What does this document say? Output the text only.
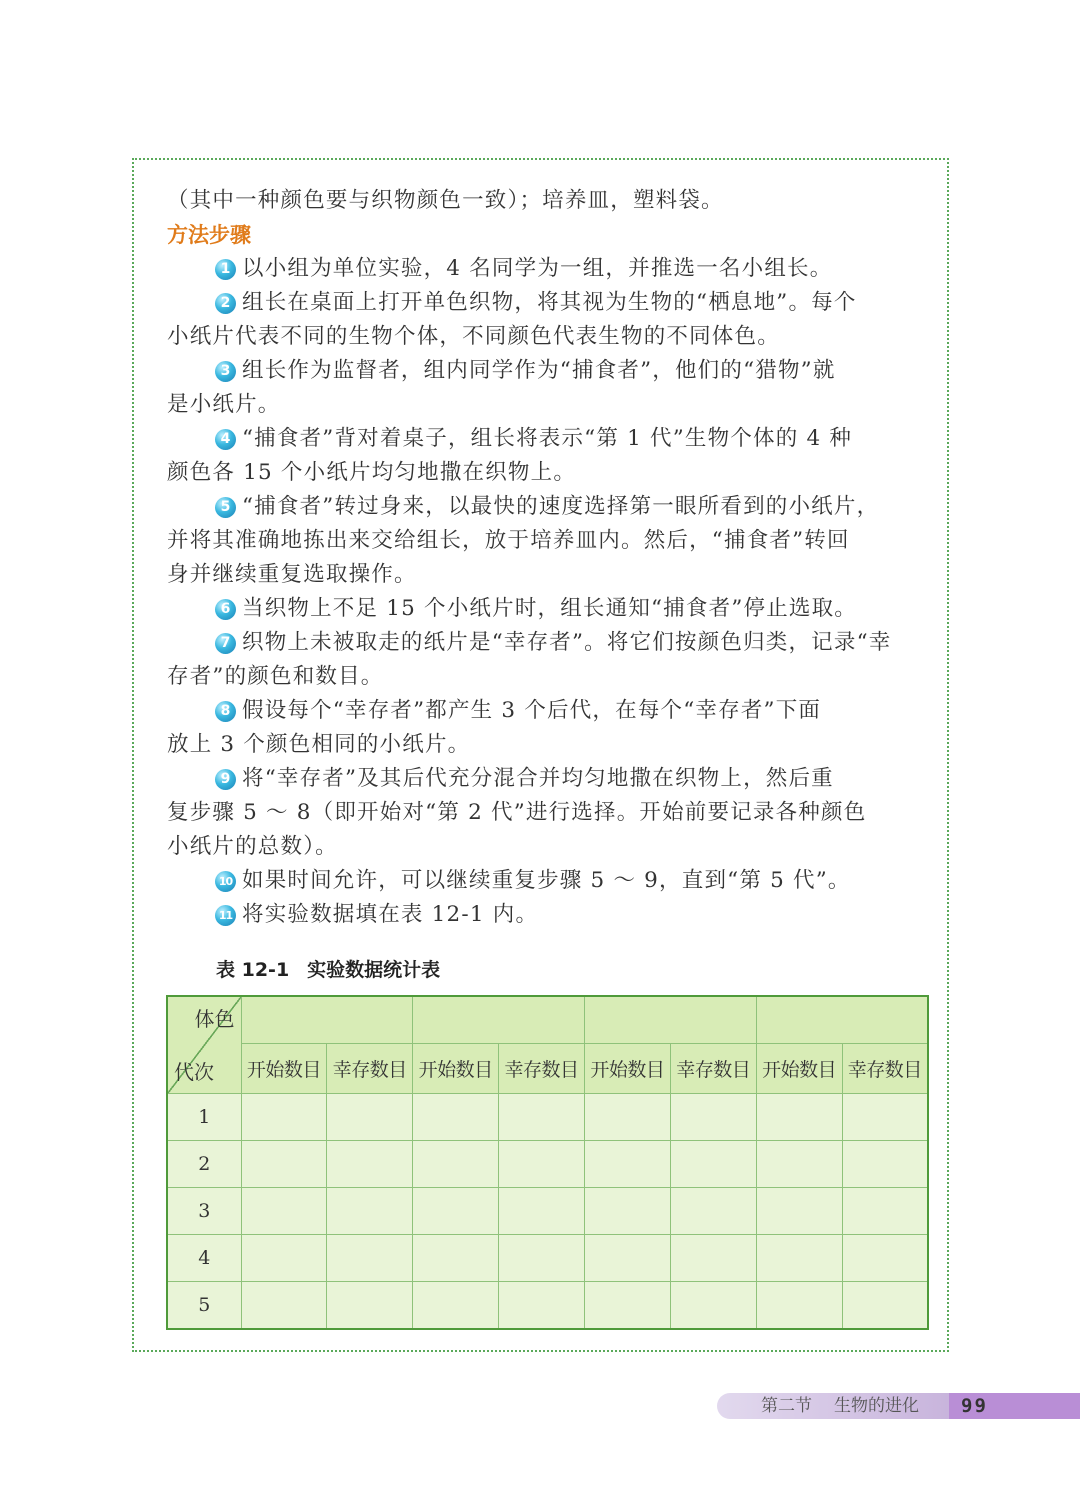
（其中一种颜色要与织物颜色一致）；培养皿，塑料袋。
方法步骤
1 以小组为单位实验，4 名同学为一组，并推选一名小组长。
2 组长在桌面上打开单色织物，将其视为生物的“栖息地”。每个
小纸片代表不同的生物个体，不同颜色代表生物的不同体色。
3 组长作为监督者，组内同学作为“捕食者”，他们的“猎物”就
是小纸片。
4 “捕食者”背对着桌子，组长将表示“第 1 代”生物个体的 4 种
颜色各 15 个小纸片均匀地撒在织物上。
5 “捕食者”转过身来，以最快的速度选择第一眼所看到的小纸片，
并将其准确地拣出来交给组长，放于培养皿内。然后，“捕食者”转回
身并继续重复选取操作。
6 当织物上不足 15 个小纸片时，组长通知“捕食者”停止选取。
7 织物上未被取走的纸片是“幸存者”。将它们按颜色归类，记录“幸
存者”的颜色和数目。
8 假设每个“幸存者”都产生 3 个后代，在每个“幸存者”下面
放上 3 个颜色相同的小纸片。
9 将“幸存者”及其后代充分混合并均匀地撒在织物上，然后重
复步骤 5 ～ 8（即开始对“第 2 代”进行选择。开始前要记录各种颜色
小纸片的总数）。
10 如果时间允许，可以继续重复步骤 5 ～ 9，直到“第 5 代”。
11 将实验数据填在表 12-1 内。
表 12-1 实验数据统计表
体色
代次								

	开始数目	幸存数目	开始数目	幸存数目	开始数目	幸存数目	开始数目	幸存数目
1								
2								
3								
4								
5								
第二节 生物的进化 99
